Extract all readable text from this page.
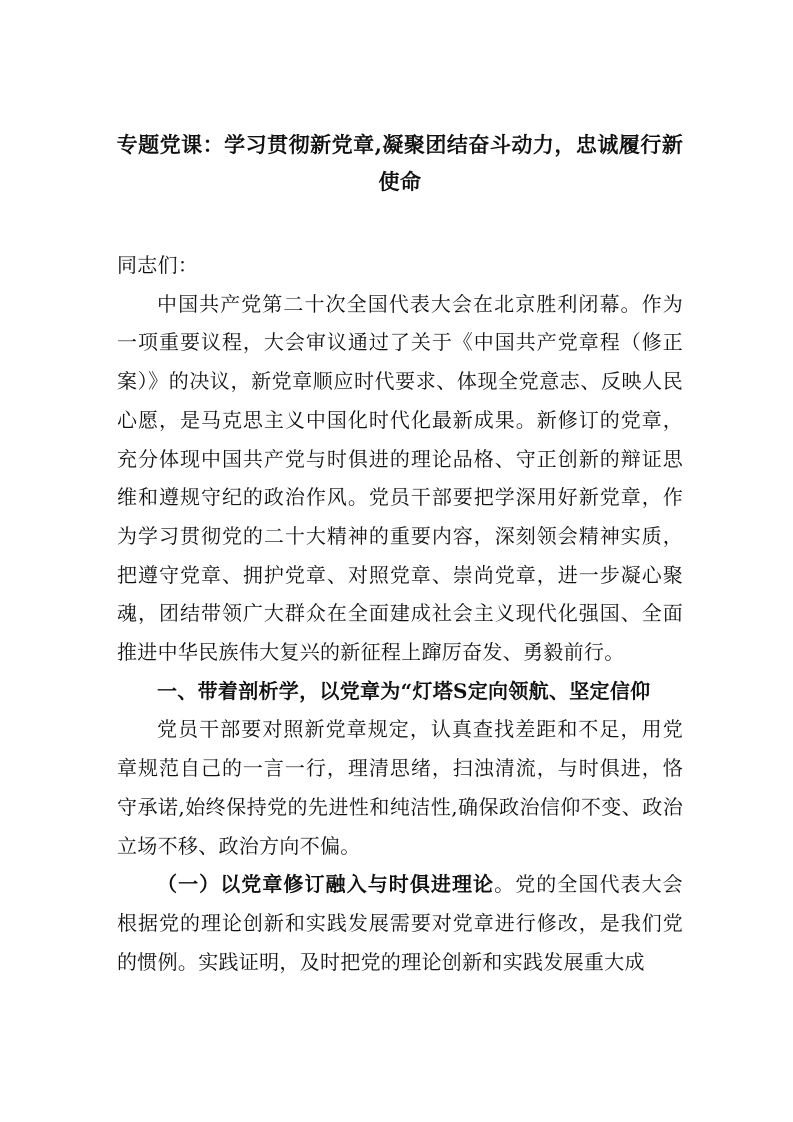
专题党课：学习贯彻新党章,凝聚团结奋斗动力，忠诚履行新
使命

同志们：

中国共产党第二十次全国代表大会在北京胜利闭幕。作为一项重要议程，大会审议通过了关于《中国共产党章程（修正案）》的决议，新党章顺应时代要求、体现全党意志、反映人民心愿，是马克思主义中国化时代化最新成果。新修订的党章，充分体现中国共产党与时俱进的理论品格、守正创新的辩证思维和遵规守纪的政治作风。党员干部要把学深用好新党章，作为学习贯彻党的二十大精神的重要内容，深刻领会精神实质，把遵守党章、拥护党章、对照党章、崇尚党章，进一步凝心聚魂，团结带领广大群众在全面建成社会主义现代化强国、全面推进中华民族伟大复兴的新征程上蹿厉奋发、勇毅前行。

一、带着剖析学，以党章为“灯塔S定向领航、坚定信仰

党员干部要对照新党章规定，认真查找差距和不足，用党章规范自己的一言一行，理清思绪，扫浊清流，与时俱进，恪守承诺,始终保持党的先进性和纯洁性,确保政治信仰不变、政治立场不移、政治方向不偏。

（一）以党章修订融入与时俱进理论。党的全国代表大会根据党的理论创新和实践发展需要对党章进行修改，是我们党的惯例。实践证明，及时把党的理论创新和实践发展重大成
